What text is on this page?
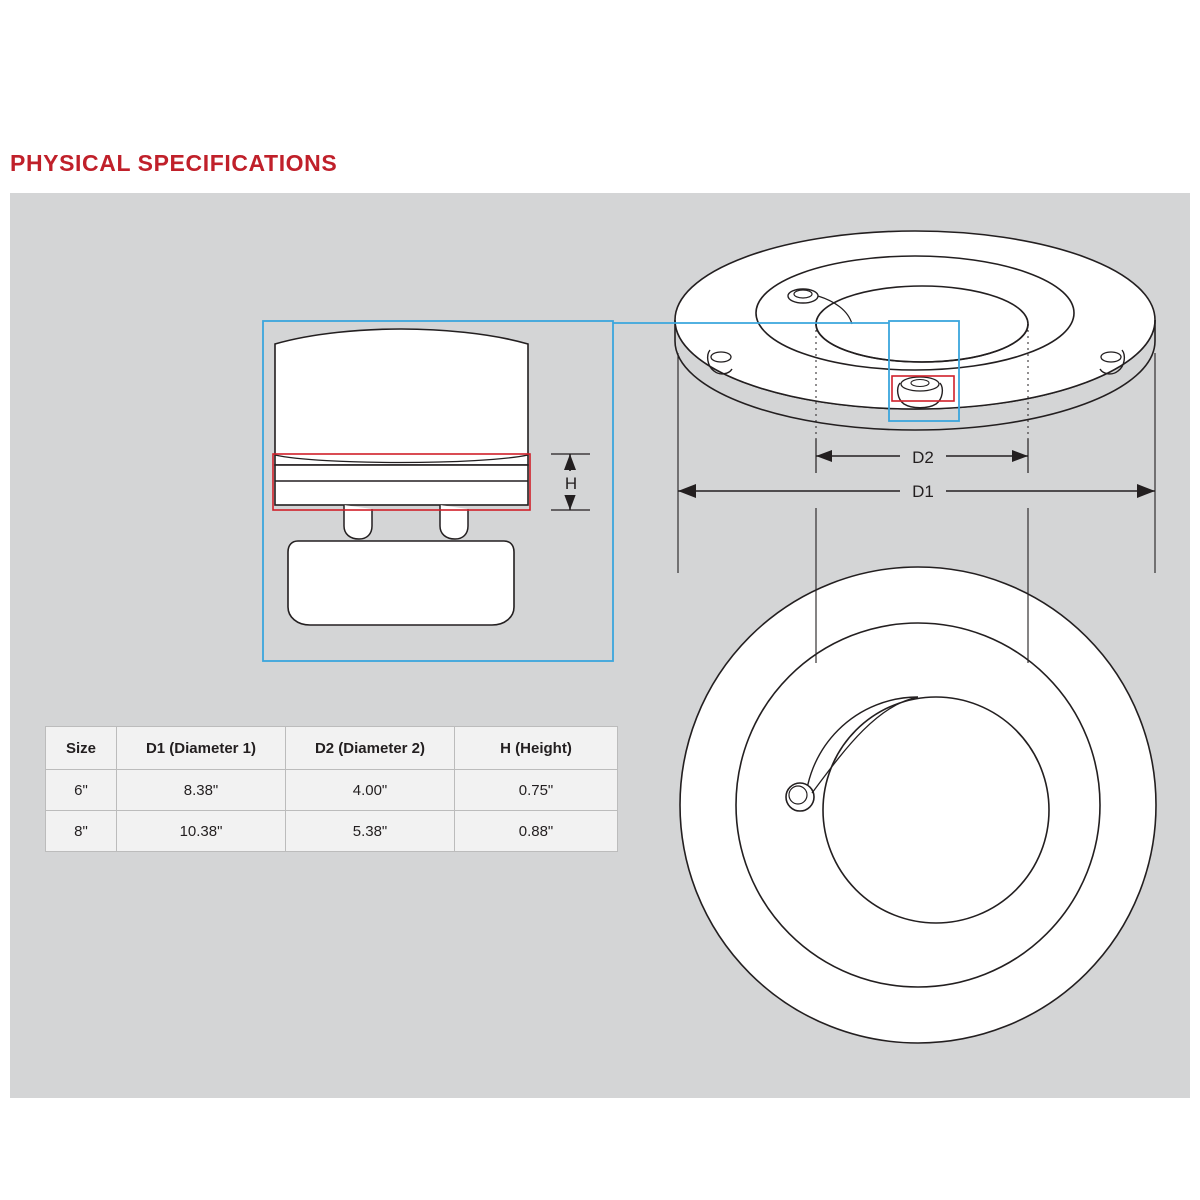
PHYSICAL SPECIFICATIONS
D2
D1
H
Size	D1 (Diameter 1)	D2 (Diameter 2)	H (Height)
6"	8.38"	4.00"	0.75"
8"	10.38"	5.38"	0.88"
